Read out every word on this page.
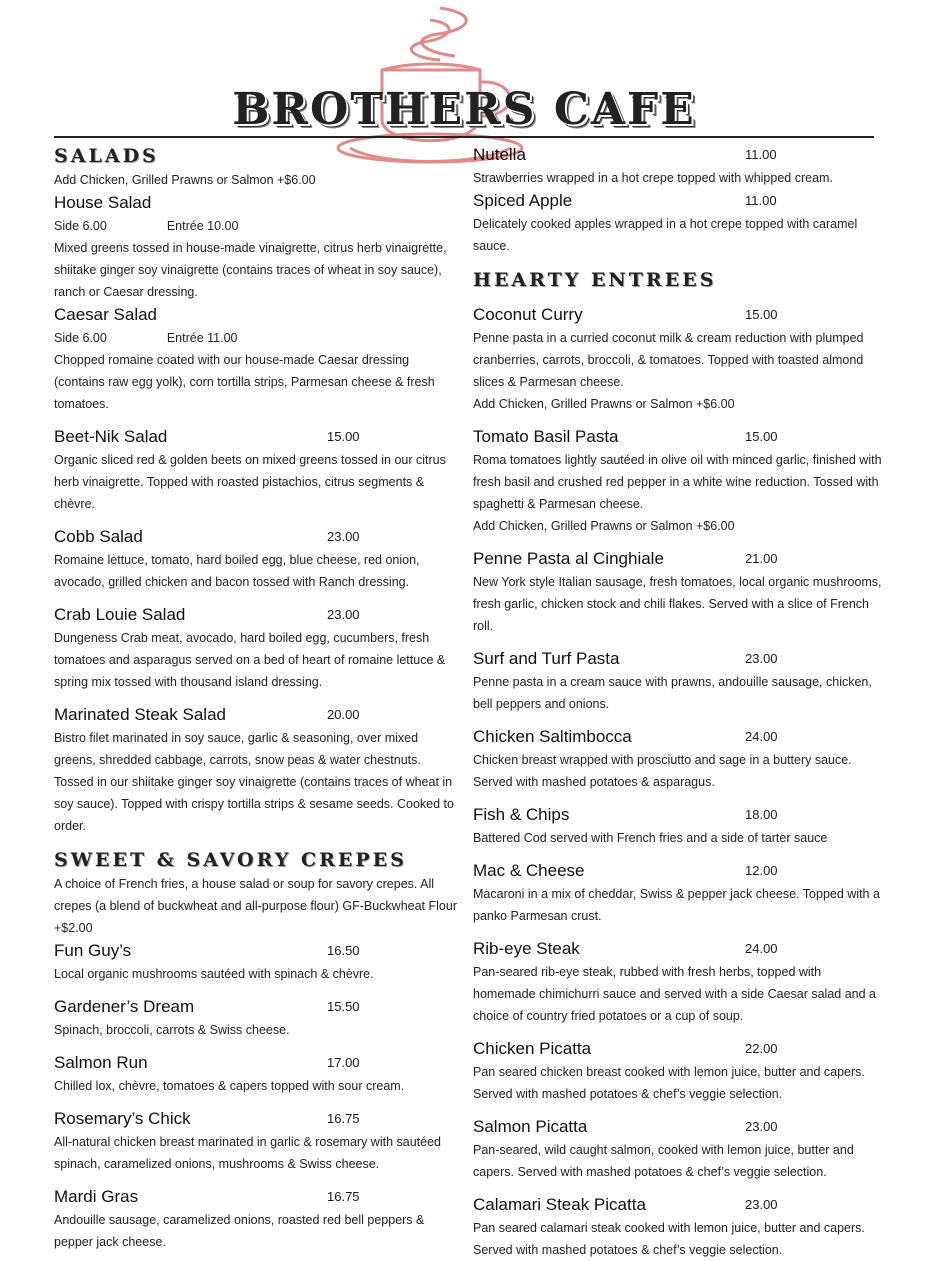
BROTHERS CAFE
SALADS
Add Chicken, Grilled Prawns or Salmon +$6.00
House Salad
Side 6.00	Entrée 10.00
Mixed greens tossed in house-made vinaigrette, citrus herb vinaigrette, shiitake ginger soy vinaigrette (contains traces of wheat in soy sauce), ranch or Caesar dressing.
Caesar Salad
Side 6.00	Entrée 11.00
Chopped romaine coated with our house-made Caesar dressing (contains raw egg yolk), corn tortilla strips, Parmesan cheese & fresh tomatoes.
Beet-Nik Salad	15.00
Organic sliced red & golden beets on mixed greens tossed in our citrus herb vinaigrette. Topped with roasted pistachios, citrus segments & chèvre.
Cobb Salad	23.00
Romaine lettuce, tomato, hard boiled egg, blue cheese, red onion, avocado, grilled chicken and bacon tossed with Ranch dressing.
Crab Louie Salad	23.00
Dungeness Crab meat, avocado, hard boiled egg, cucumbers, fresh tomatoes and asparagus served on a bed of heart of romaine lettuce & spring mix tossed with thousand island dressing.
Marinated Steak Salad	20.00
Bistro filet marinated in soy sauce, garlic & seasoning, over mixed greens, shredded cabbage, carrots, snow peas & water chestnuts. Tossed in our shiitake ginger soy vinaigrette (contains traces of wheat in soy sauce). Topped with crispy tortilla strips & sesame seeds. Cooked to order.
SWEET & SAVORY CREPES
A choice of French fries, a house salad or soup for savory crepes. All crepes (a blend of buckwheat and all-purpose flour) GF-Buckwheat Flour +$2.00
Fun Guy’s	16.50
Local organic mushrooms sautéed with spinach & chèvre.
Gardener’s Dream	15.50
Spinach, broccoli, carrots & Swiss cheese.
Salmon Run	17.00
Chilled lox, chèvre, tomatoes & capers topped with sour cream.
Rosemary’s Chick	16.75
All-natural chicken breast marinated in garlic & rosemary with sautéed spinach, caramelized onions, mushrooms & Swiss cheese.
Mardi Gras	16.75
Andouille sausage, caramelized onions, roasted red bell peppers & pepper jack cheese.
Nutella	11.00
Strawberries wrapped in a hot crepe topped with whipped cream.
Spiced Apple	11.00
Delicately cooked apples wrapped in a hot crepe topped with caramel sauce.
HEARTY ENTREES
Coconut Curry	15.00
Penne pasta in a curried coconut milk & cream reduction with plumped cranberries, carrots, broccoli, & tomatoes. Topped with toasted almond slices & Parmesan cheese.
Add Chicken, Grilled Prawns or Salmon +$6.00
Tomato Basil Pasta	15.00
Roma tomatoes lightly sautéed in olive oil with minced garlic, finished with fresh basil and crushed red pepper in a white wine reduction. Tossed with spaghetti & Parmesan cheese.
Add Chicken, Grilled Prawns or Salmon +$6.00
Penne Pasta al Cinghiale	21.00
New York style Italian sausage, fresh tomatoes, local organic mushrooms, fresh garlic, chicken stock and chili flakes. Served with a slice of French roll.
Surf and Turf Pasta	23.00
Penne pasta in a cream sauce with prawns, andouille sausage, chicken, bell peppers and onions.
Chicken Saltimbocca	24.00
Chicken breast wrapped with prosciutto and sage in a buttery sauce. Served with mashed potatoes & asparagus.
Fish & Chips	18.00
Battered Cod served with French fries and a side of tarter sauce
Mac & Cheese	12.00
Macaroni in a mix of cheddar, Swiss & pepper jack cheese. Topped with a panko Parmesan crust.
Rib-eye Steak	24.00
Pan-seared rib-eye steak, rubbed with fresh herbs, topped with homemade chimichurri sauce and served with a side Caesar salad and a choice of country fried potatoes or a cup of soup.
Chicken Picatta	22.00
Pan seared chicken breast cooked with lemon juice, butter and capers. Served with mashed potatoes & chef’s veggie selection.
Salmon Picatta	23.00
Pan-seared, wild caught salmon, cooked with lemon juice, butter and capers. Served with mashed potatoes & chef’s veggie selection.
Calamari Steak Picatta	23.00
Pan seared calamari steak cooked with lemon juice, butter and capers. Served with mashed potatoes & chef’s veggie selection.
